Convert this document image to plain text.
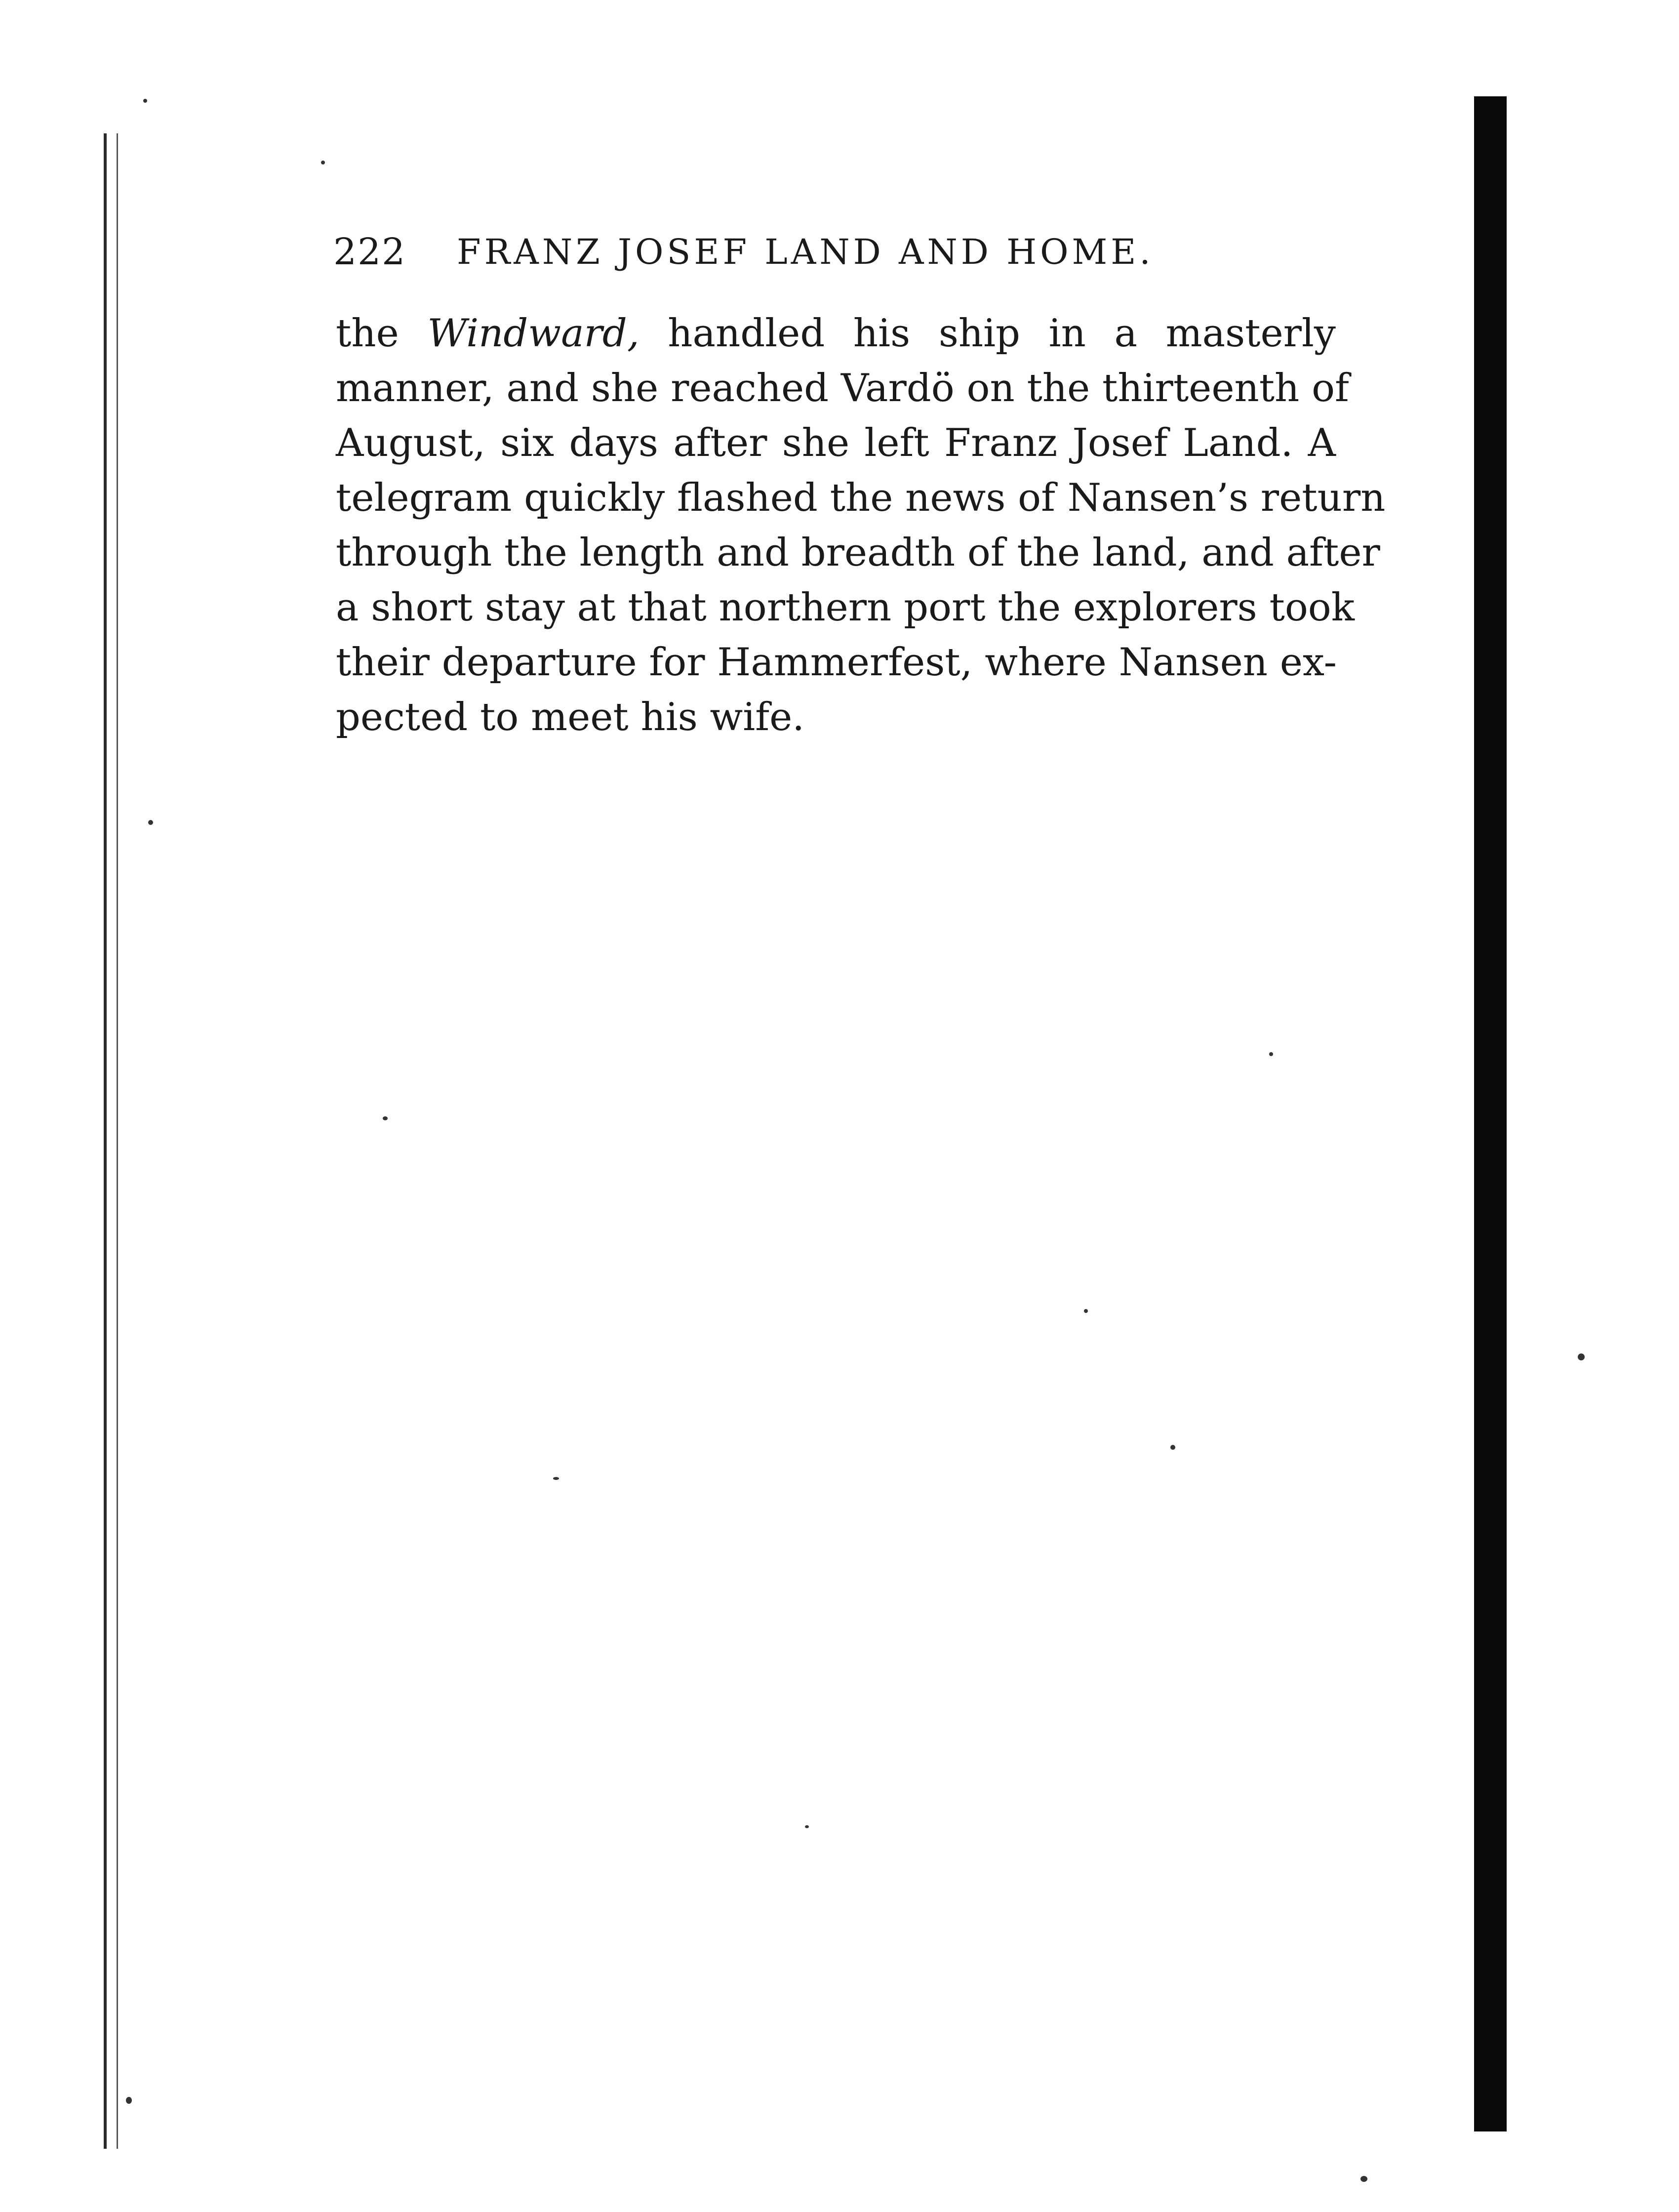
222	FRANZ JOSEF LAND AND HOME.
the Windward, handled his ship in a masterly
manner, and she reached Vardö on the thirteenth of
August, six days after she left Franz Josef Land. A
telegram quickly flashed the news of Nansen’s return
through the length and breadth of the land, and after
a short stay at that northern port the explorers took
their departure for Hammerfest, where Nansen ex-
pected to meet his wife.
